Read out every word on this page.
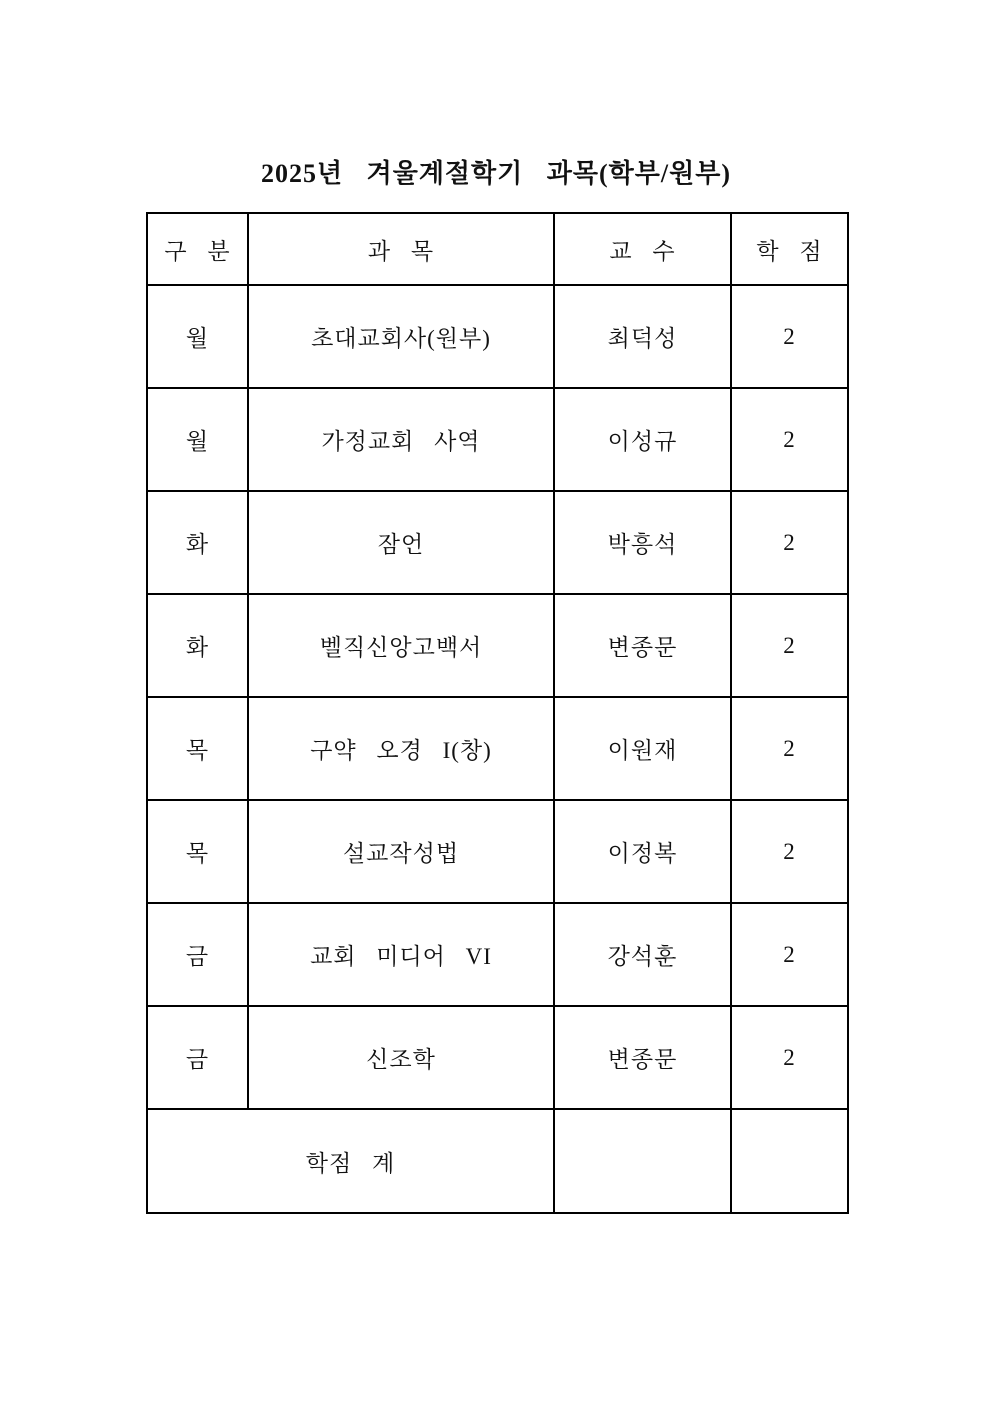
2025년 겨울계절학기 과목(학부/원부)
구 분	과 목	교 수	학 점
월	초대교회사(원부)	최덕성	2
월	가정교회 사역	이성규	2
화	잠언	박흥석	2
화	벨직신앙고백서	변종문	2
목	구약 오경 I(창)	이원재	2
목	설교작성법	이정복	2
금	교회 미디어 VI	강석훈	2
금	신조학	변종문	2
학점 계			
